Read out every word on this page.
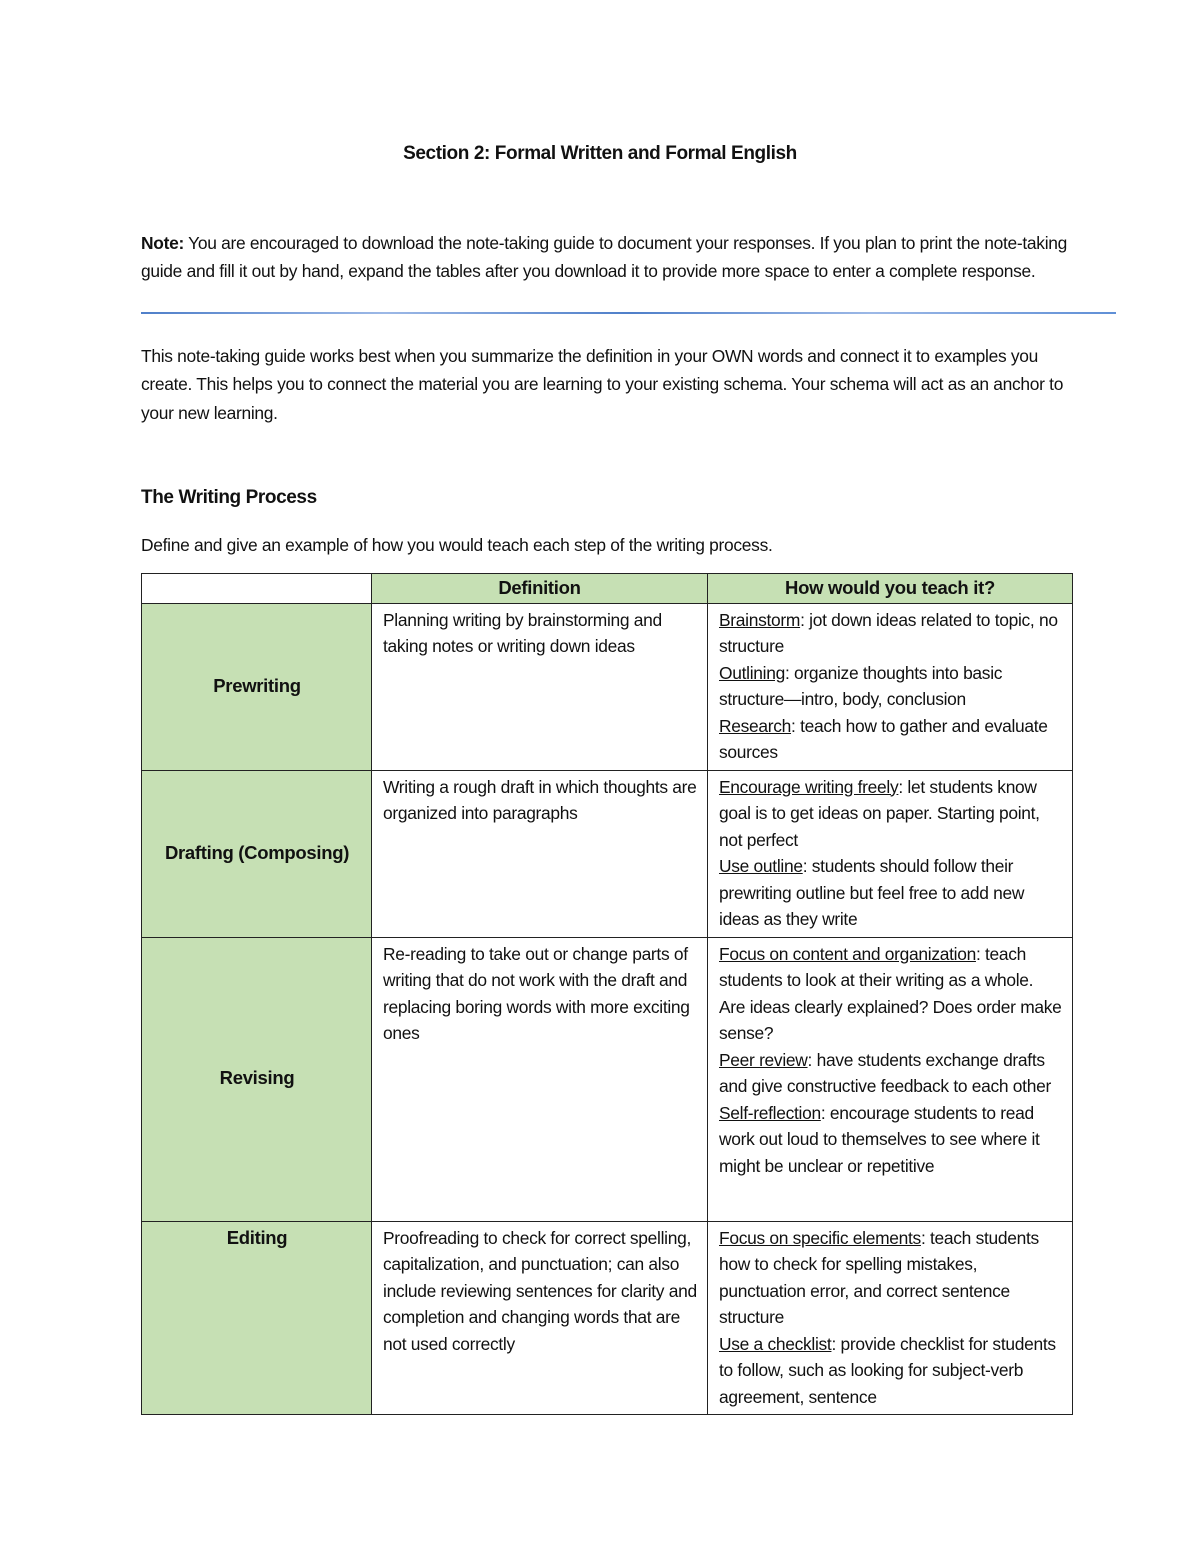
Section 2: Formal Written and Formal English
Note: You are encouraged to download the note-taking guide to document your responses. If you plan to print the note-taking guide and fill it out by hand, expand the tables after you download it to provide more space to enter a complete response.
This note-taking guide works best when you summarize the definition in your OWN words and connect it to examples you create. This helps you to connect the material you are learning to your existing schema. Your schema will act as an anchor to your new learning.
The Writing Process
Define and give an example of how you would teach each step of the writing process.
	Definition	How would you teach it?
Prewriting	Planning writing by brainstorming and taking notes or writing down ideas	Brainstorm: jot down ideas related to topic, no structure
Outlining: organize thoughts into basic structure—intro, body, conclusion
Research: teach how to gather and evaluate sources

Drafting (Composing)	Writing a rough draft in which thoughts are organized into paragraphs	Encourage writing freely: let students know goal is to get ideas on paper. Starting point, not perfect
Use outline: students should follow their prewriting outline but feel free to add new ideas as they write

Revising	Re-reading to take out or change parts of writing that do not work with the draft and replacing boring words with more exciting ones	Focus on content and organization: teach students to look at their writing as a whole. Are ideas clearly explained? Does order make sense?
Peer review: have students exchange drafts and give constructive feedback to each other
Self-reflection: encourage students to read work out loud to themselves to see where it might be unclear or repetitive

Editing	Proofreading to check for correct spelling, capitalization, and punctuation; can also include reviewing sentences for clarity and completion and changing words that are not used correctly	Focus on specific elements: teach students how to check for spelling mistakes, punctuation error, and correct sentence structure
Use a checklist: provide checklist for students to follow, such as looking for subject-verb agreement, sentence
